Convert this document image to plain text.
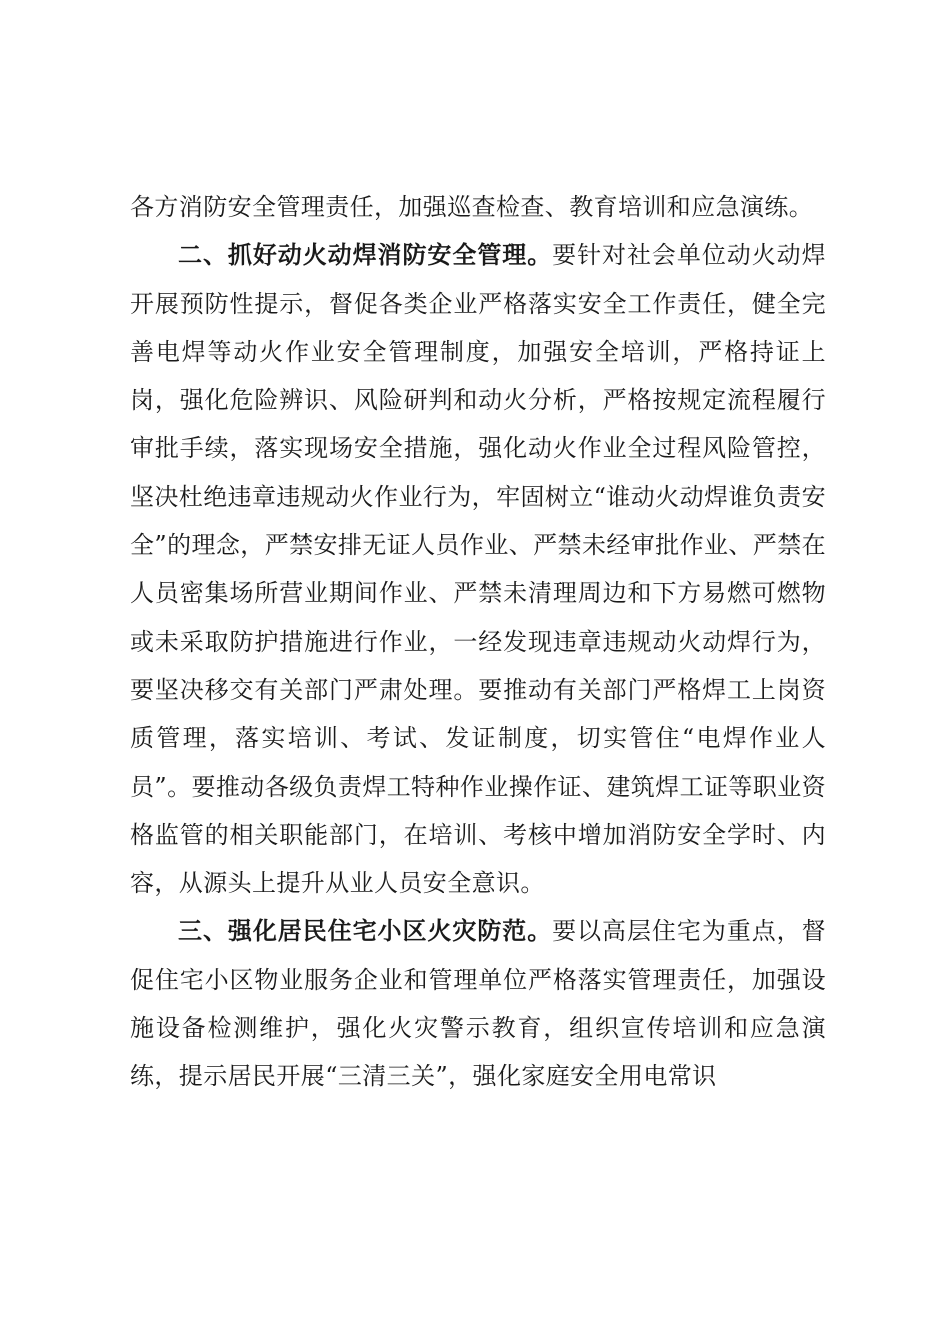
各方消防安全管理责任，加强巡查检查、教育培训和应急演练。

二、抓好动火动焊消防安全管理。要针对社会单位动火动焊开展预防性提示，督促各类企业严格落实安全工作责任，健全完善电焊等动火作业安全管理制度，加强安全培训，严格持证上岗，强化危险辨识、风险研判和动火分析，严格按规定流程履行审批手续，落实现场安全措施，强化动火作业全过程风险管控，坚决杜绝违章违规动火作业行为，牢固树立“谁动火动焊谁负责安全”的理念，严禁安排无证人员作业、严禁未经审批作业、严禁在人员密集场所营业期间作业、严禁未清理周边和下方易燃可燃物或未采取防护措施进行作业，一经发现违章违规动火动焊行为，要坚决移交有关部门严肃处理。要推动有关部门严格焊工上岗资质管理，落实培训、考试、发证制度，切实管住“电焊作业人员”。要推动各级负责焊工特种作业操作证、建筑焊工证等职业资格监管的相关职能部门，在培训、考核中增加消防安全学时、内容，从源头上提升从业人员安全意识。

三、强化居民住宅小区火灾防范。要以高层住宅为重点，督促住宅小区物业服务企业和管理单位严格落实管理责任，加强设施设备检测维护，强化火灾警示教育，组织宣传培训和应急演练，提示居民开展“三清三关”，强化家庭安全用电常识
